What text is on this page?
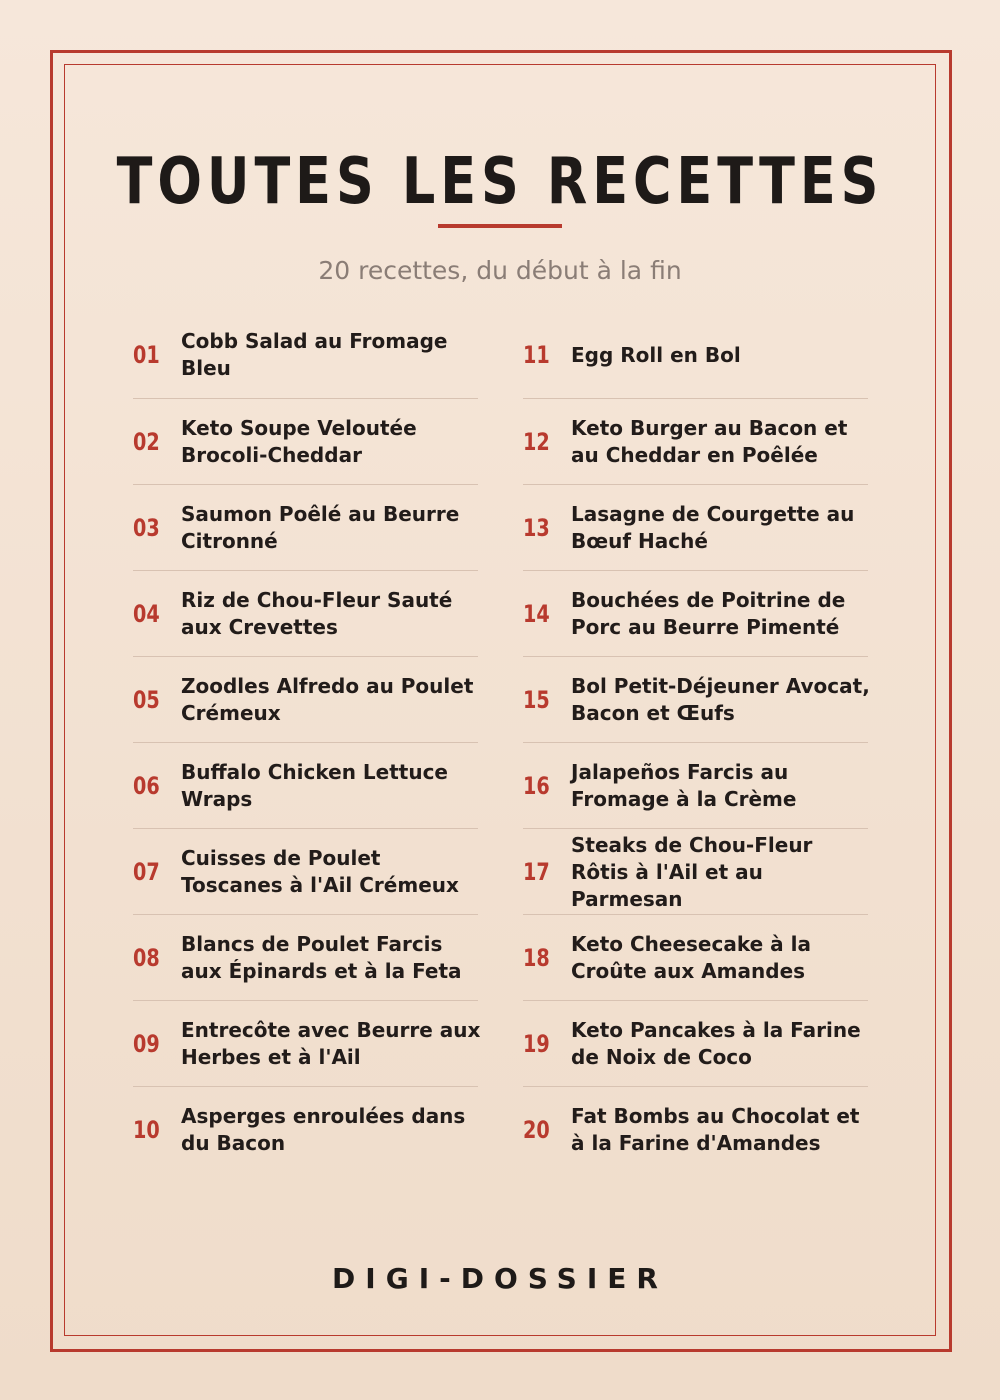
TOUTES LES RECETTES
20 recettes, du début à la fin
01 Cobb Salad au Fromage Bleu
02 Keto Soupe Veloutée Brocoli-Cheddar
03 Saumon Poêlé au Beurre Citronné
04 Riz de Chou-Fleur Sauté aux Crevettes
05 Zoodles Alfredo au Poulet Crémeux
06 Buffalo Chicken Lettuce Wraps
07 Cuisses de Poulet Toscanes à l'Ail Crémeux
08 Blancs de Poulet Farcis aux Épinards et à la Feta
09 Entrecôte avec Beurre aux Herbes et à l'Ail
10 Asperges enroulées dans du Bacon
11 Egg Roll en Bol
12 Keto Burger au Bacon et au Cheddar en Poêlée
13 Lasagne de Courgette au Bœuf Haché
14 Bouchées de Poitrine de Porc au Beurre Pimenté
15 Bol Petit-Déjeuner Avocat, Bacon et Œufs
16 Jalapeños Farcis au Fromage à la Crème
17
Steaks de Chou-Fleur Rôtis à l'Ail et au Parmesan
18 Keto Cheesecake à la Croûte aux Amandes
19 Keto Pancakes à la Farine de Noix de Coco
20 Fat Bombs au Chocolat et à la Farine d'Amandes
DIGI-DOSSIER
